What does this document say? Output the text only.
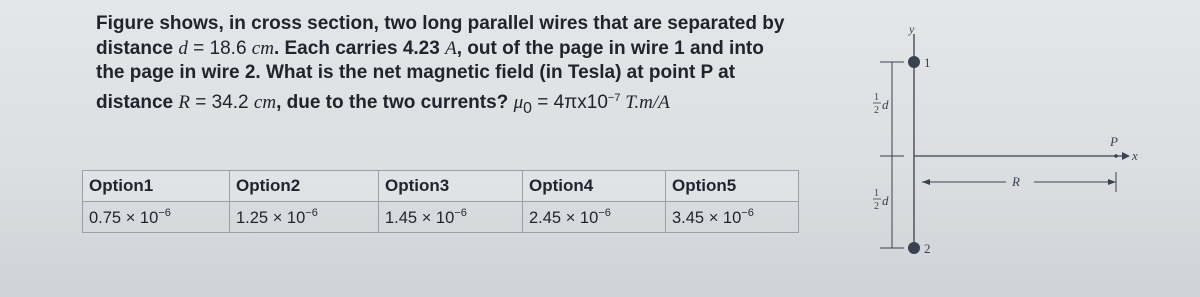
Figure shows, in cross section, two long parallel wires that are separated by
distance d = 18.6 cm. Each carries 4.23 A, out of the page in wire 1 and into
the page in wire 2. What is the net magnetic field (in Tesla) at point P at
distance R = 34.2 cm, due to the two currents? $\mu_0 = 4\pi x10^{-7}$ T.m/A
Option1	Option2	Option3	Option4	Option5
$0.75 \times 10^{-6}$	$1.25 \times 10^{-6}$	$1.45 \times 10^{-6}$	$2.45 \times 10^{-6}$	$3.45 \times 10^{-6}$
y
x
1
2
1
2 d
1
2 d
R
P
